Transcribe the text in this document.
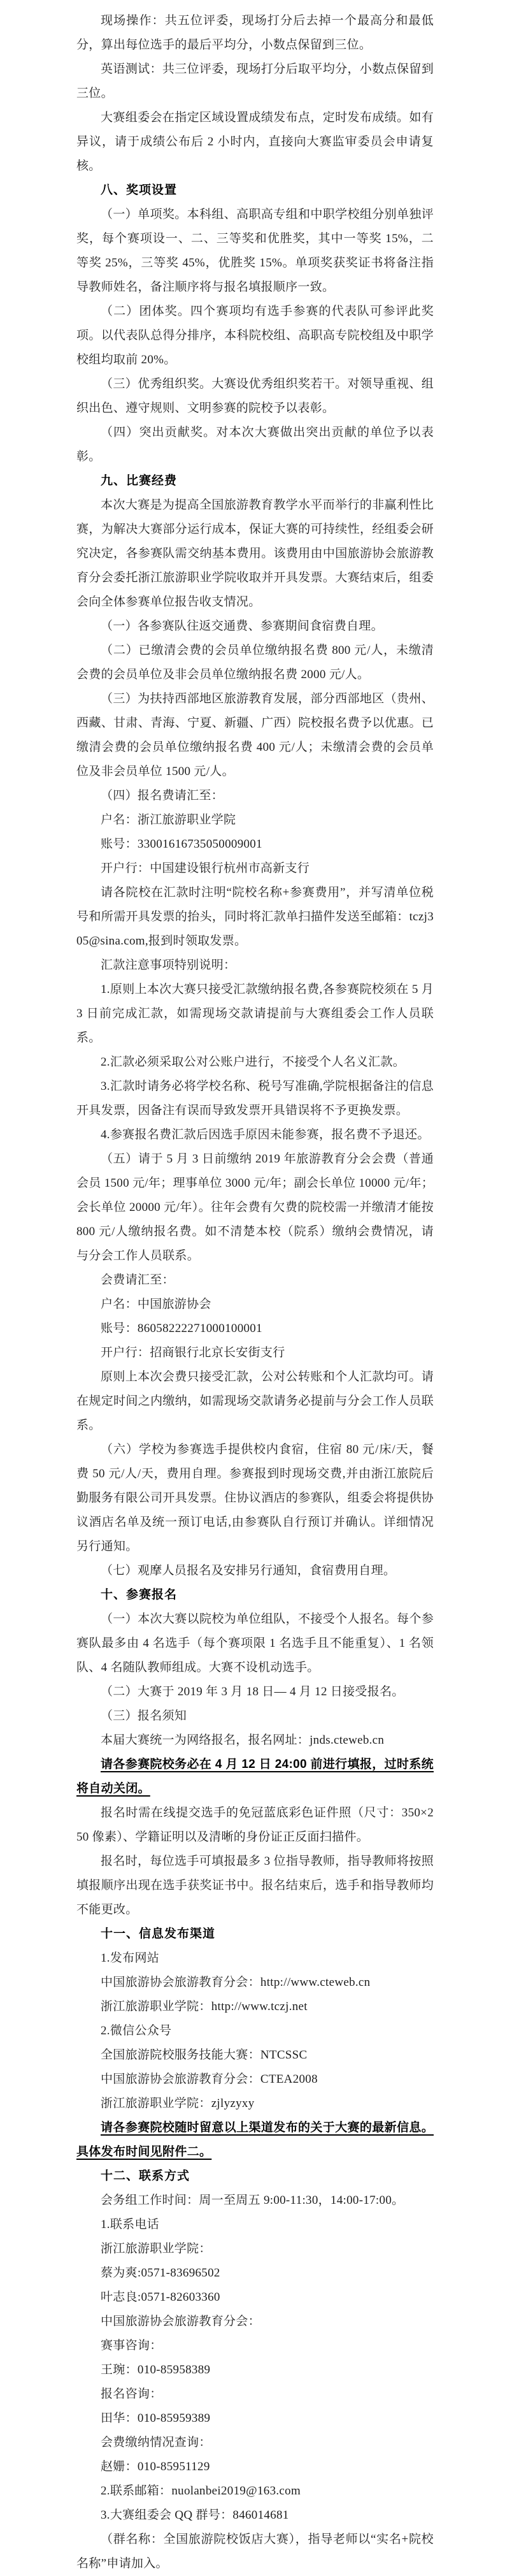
现场操作：共五位评委，现场打分后去掉一个最高分和最低分，算出每位选手的最后平均分，小数点保留到三位。

英语测试：共三位评委，现场打分后取平均分，小数点保留到三位。

大赛组委会在指定区域设置成绩发布点，定时发布成绩。如有异议，请于成绩公布后 2 小时内，直接向大赛监审委员会申请复核。

八、奖项设置

（一）单项奖。本科组、高职高专组和中职学校组分别单独评奖，每个赛项设一、二、三等奖和优胜奖，其中一等奖 15%，二等奖 25%，三等奖 45%，优胜奖 15%。单项奖获奖证书将备注指导教师姓名，备注顺序将与报名填报顺序一致。

（二）团体奖。四个赛项均有选手参赛的代表队可参评此奖项。以代表队总得分排序，本科院校组、高职高专院校组及中职学校组均取前 20%。

（三）优秀组织奖。大赛设优秀组织奖若干。对领导重视、组织出色、遵守规则、文明参赛的院校予以表彰。

（四）突出贡献奖。对本次大赛做出突出贡献的单位予以表彰。

九、比赛经费

本次大赛是为提高全国旅游教育教学水平而举行的非赢利性比赛，为解决大赛部分运行成本，保证大赛的可持续性，经组委会研究决定，各参赛队需交纳基本费用。该费用由中国旅游协会旅游教育分会委托浙江旅游职业学院收取并开具发票。大赛结束后，组委会向全体参赛单位报告收支情况。

（一）各参赛队往返交通费、参赛期间食宿费自理。

（二）已缴清会费的会员单位缴纳报名费 800 元/人，未缴清会费的会员单位及非会员单位缴纳报名费 2000 元/人。

（三）为扶持西部地区旅游教育发展，部分西部地区（贵州、西藏、甘肃、青海、宁夏、新疆、广西）院校报名费予以优惠。已缴清会费的会员单位缴纳报名费 400 元/人；未缴清会费的会员单位及非会员单位 1500 元/人。

（四）报名费请汇至：

户名：浙江旅游职业学院

账号：33001616735050009001

开户行：中国建设银行杭州市高新支行

请各院校在汇款时注明“院校名称+参赛费用”，并写清单位税号和所需开具发票的抬头，同时将汇款单扫描件发送至邮箱：tczj305@sina.com,报到时领取发票。

汇款注意事项特别说明：

1.原则上本次大赛只接受汇款缴纳报名费,各参赛院校须在 5 月 3 日前完成汇款，如需现场交款请提前与大赛组委会工作人员联系。

2.汇款必须采取公对公账户进行，不接受个人名义汇款。

3.汇款时请务必将学校名称、税号写准确,学院根据备注的信息开具发票，因备注有误而导致发票开具错误将不予更换发票。

4.参赛报名费汇款后因选手原因未能参赛，报名费不予退还。

（五）请于 5 月 3 日前缴纳 2019 年旅游教育分会会费（普通会员 1500 元/年；理事单位 3000 元/年；副会长单位 10000 元/年；会长单位 20000 元/年）。往年会费有欠费的院校需一并缴清才能按 800 元/人缴纳报名费。如不清楚本校（院系）缴纳会费情况，请与分会工作人员联系。

会费请汇至：

户名：中国旅游协会

账号：86058222271000100001

开户行：招商银行北京长安街支行

原则上本次会费只接受汇款，公对公转账和个人汇款均可。请在规定时间之内缴纳，如需现场交款请务必提前与分会工作人员联系。

（六）学校为参赛选手提供校内食宿，住宿 80 元/床/天，餐费 50 元/人/天，费用自理。参赛报到时现场交费,并由浙江旅院后勤服务有限公司开具发票。住协议酒店的参赛队，组委会将提供协议酒店名单及统一预订电话,由参赛队自行预订并确认。详细情况另行通知。

（七）观摩人员报名及安排另行通知，食宿费用自理。

十、参赛报名

（一）本次大赛以院校为单位组队，不接受个人报名。每个参赛队最多由 4 名选手（每个赛项限 1 名选手且不能重复）、1 名领队、4 名随队教师组成。大赛不设机动选手。

（二）大赛于 2019 年 3 月 18 日— 4 月 12 日接受报名。

（三）报名须知

本届大赛统一为网络报名，报名网址：jnds.cteweb.cn

请各参赛院校务必在 4 月 12 日 24:00 前进行填报，过时系统将自动关闭。

报名时需在线提交选手的免冠蓝底彩色证件照（尺寸：350×250 像素）、学籍证明以及清晰的身份证正反面扫描件。

报名时，每位选手可填报最多 3 位指导教师，指导教师将按照填报顺序出现在选手获奖证书中。报名结束后，选手和指导教师均不能更改。

十一、信息发布渠道

1.发布网站

中国旅游协会旅游教育分会：http://www.cteweb.cn

浙江旅游职业学院：http://www.tczj.net

2.微信公众号

全国旅游院校服务技能大赛：NTCSSC

中国旅游协会旅游教育分会：CTEA2008

浙江旅游职业学院：zjlyzyxy

请各参赛院校随时留意以上渠道发布的关于大赛的最新信息。具体发布时间见附件二。

十二、联系方式

会务组工作时间：周一至周五 9:00-11:30，14:00-17:00。

1.联系电话

浙江旅游职业学院：

蔡为爽:0571-83696502

叶志良:0571-82603360

中国旅游协会旅游教育分会：

赛事咨询：

王琬：010-85958389

报名咨询：

田华：010-85959389

会费缴纳情况查询：

赵姗：010-85951129

2.联系邮箱：nuolanbei2019@163.com

3.大赛组委会 QQ 群号：846014681

（群名称：全国旅游院校饭店大赛），指导老师以“实名+院校名称”申请加入。
